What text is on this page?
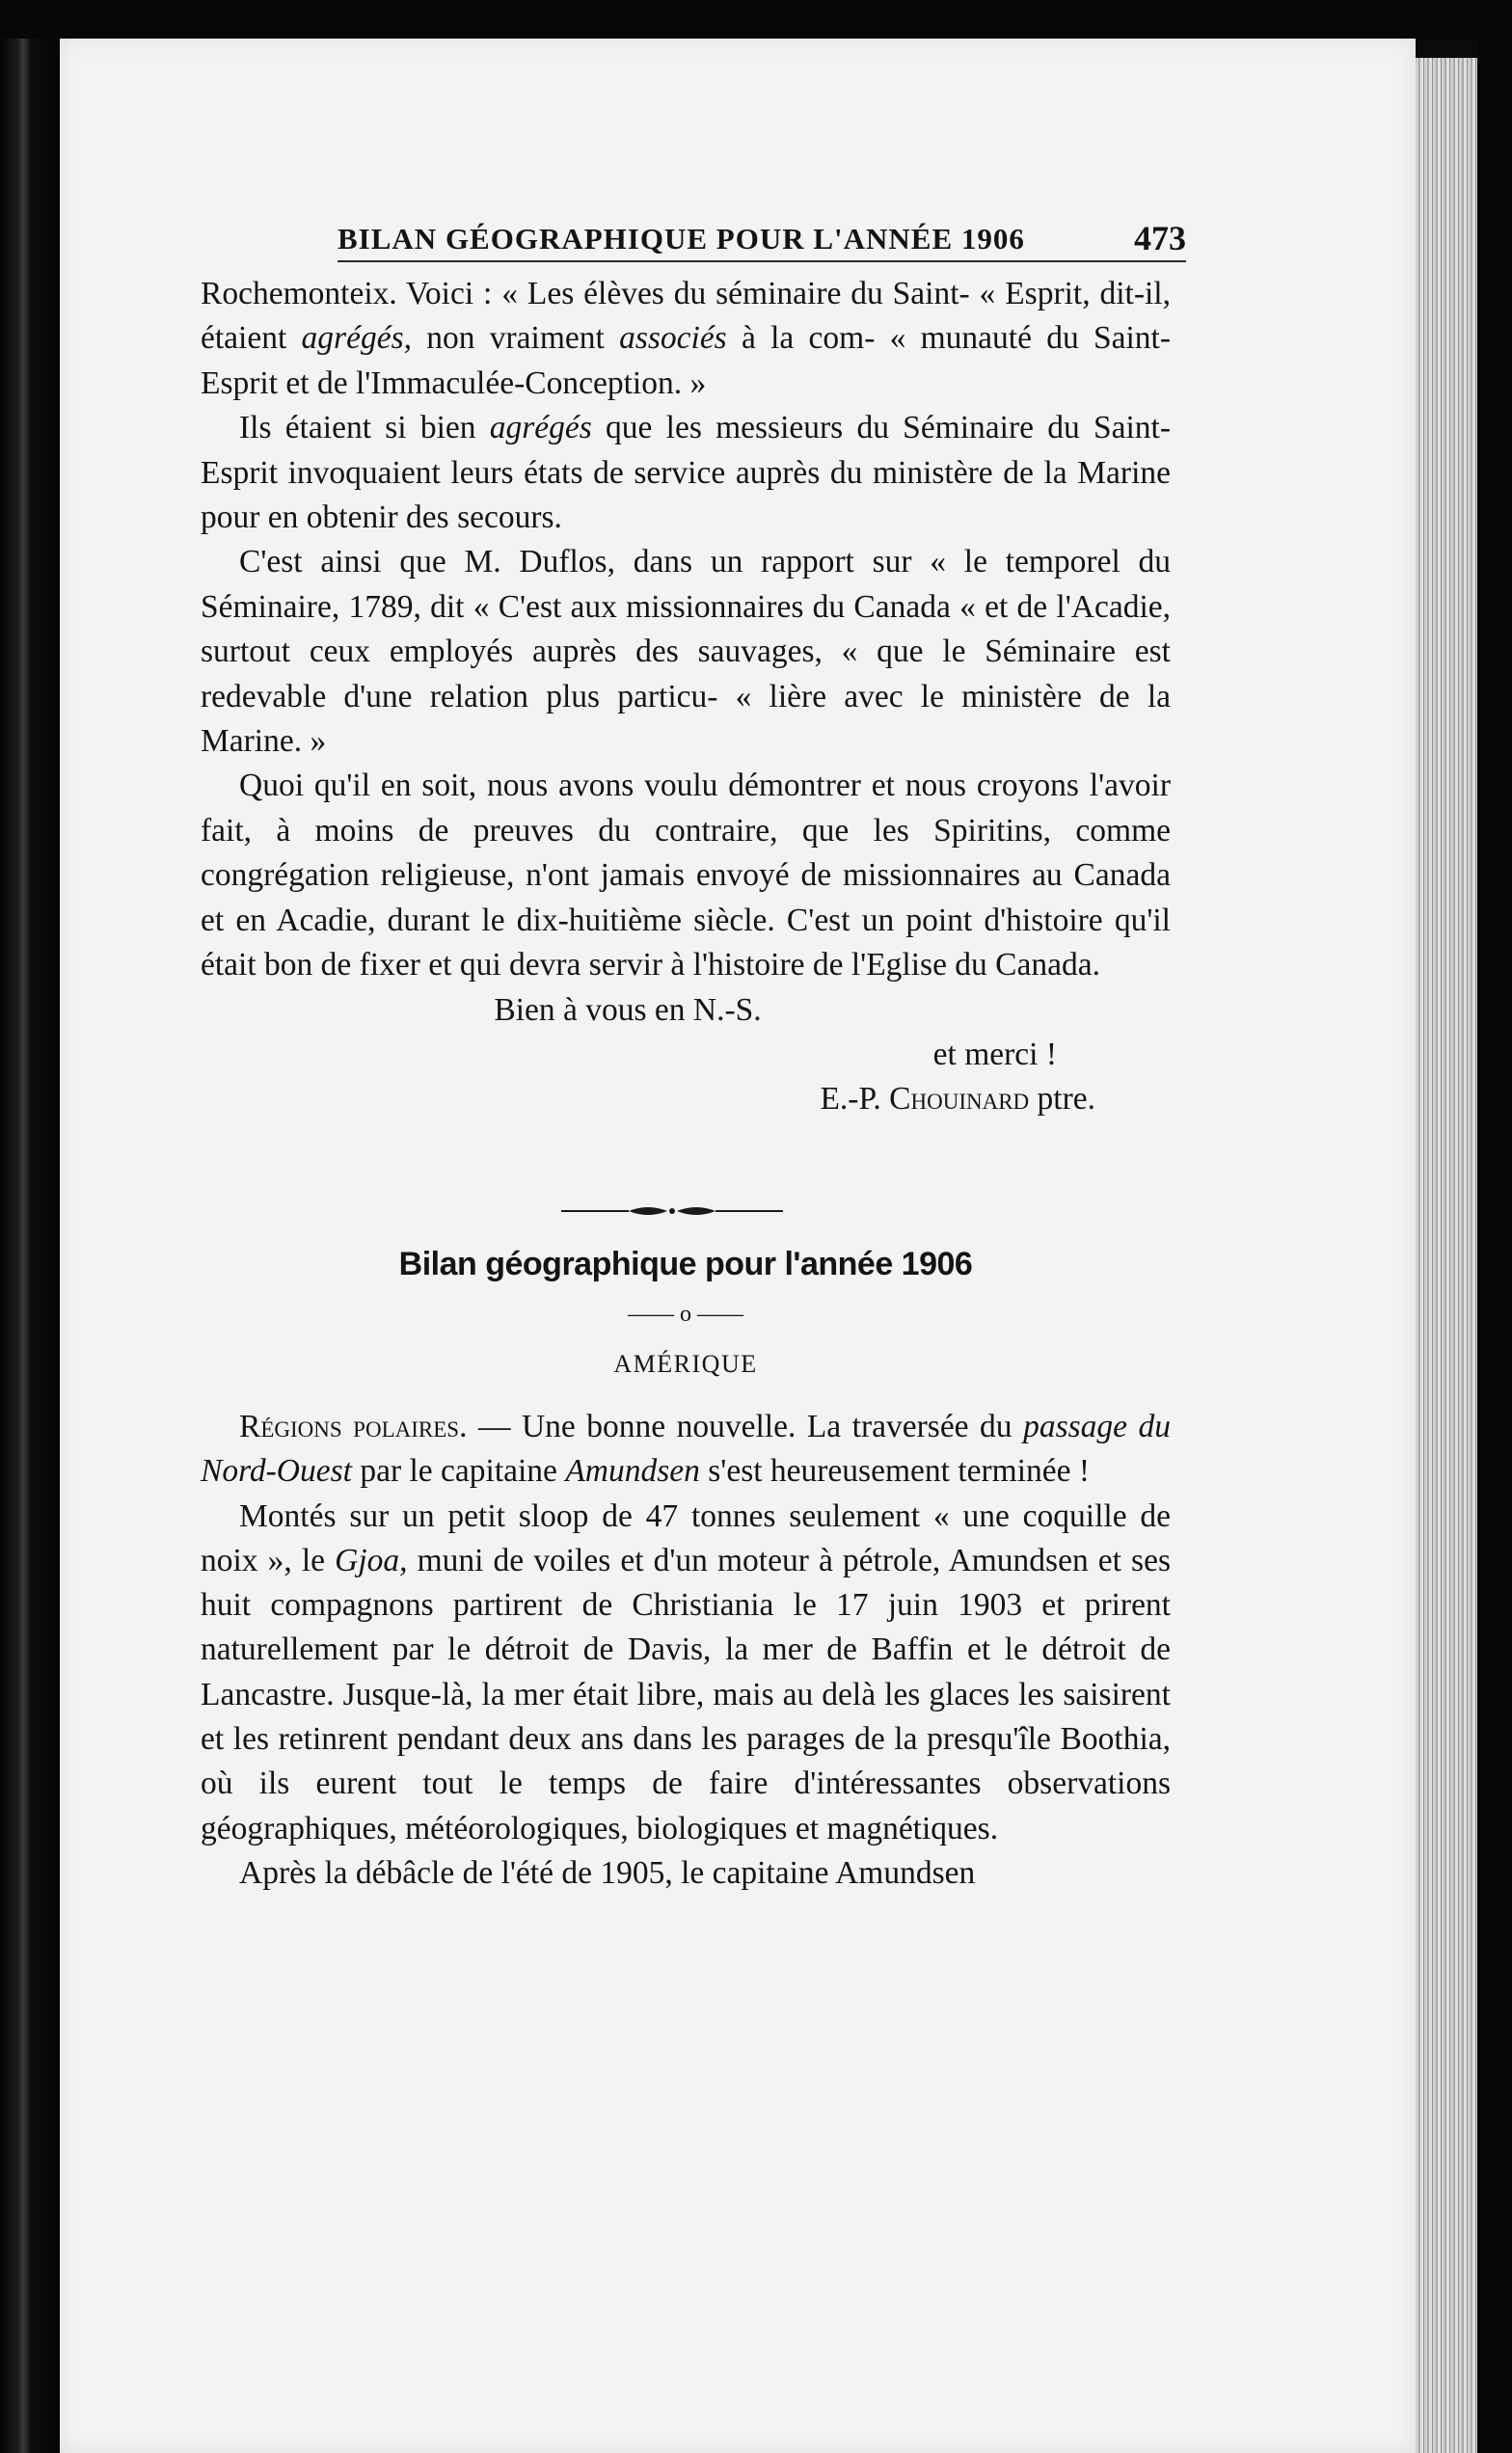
BILAN GÉOGRAPHIQUE POUR L'ANNÉE 1906	473

Rochemonteix. Voici : « Les élèves du séminaire du Saint- « Esprit, dit-il, étaient agrégés, non vraiment associés à la com- « munauté du Saint-Esprit et de l'Immaculée-Conception. »

Ils étaient si bien agrégés que les messieurs du Séminaire du Saint-Esprit invoquaient leurs états de service auprès du ministère de la Marine pour en obtenir des secours.

C'est ainsi que M. Duflos, dans un rapport sur « le temporel du Séminaire, 1789, dit « C'est aux missionnaires du Canada « et de l'Acadie, surtout ceux employés auprès des sauvages, « que le Séminaire est redevable d'une relation plus particu- « lière avec le ministère de la Marine. »

Quoi qu'il en soit, nous avons voulu démontrer et nous croyons l'avoir fait, à moins de preuves du contraire, que les Spiritins, comme congrégation religieuse, n'ont jamais envoyé de missionnaires au Canada et en Acadie, durant le dix-huitième siècle. C'est un point d'histoire qu'il était bon de fixer et qui devra servir à l'histoire de l'Eglise du Canada.

Bien à vous en N.-S.

et merci !

E.-P. Chouinard ptre.

Bilan géographique pour l'année 1906
—— o ——
AMÉRIQUE

Régions polaires. — Une bonne nouvelle. La traversée du passage du Nord-Ouest par le capitaine Amundsen s'est heureusement terminée !

Montés sur un petit sloop de 47 tonnes seulement « une coquille de noix », le Gjoa, muni de voiles et d'un moteur à pétrole, Amundsen et ses huit compagnons partirent de Christiania le 17 juin 1903 et prirent naturellement par le détroit de Davis, la mer de Baffin et le détroit de Lancastre. Jusque-là, la mer était libre, mais au delà les glaces les saisirent et les retinrent pendant deux ans dans les parages de la presqu'île Boothia, où ils eurent tout le temps de faire d'intéressantes observations géographiques, météorologiques, biologiques et magnétiques.

Après la débâcle de l'été de 1905, le capitaine Amundsen
